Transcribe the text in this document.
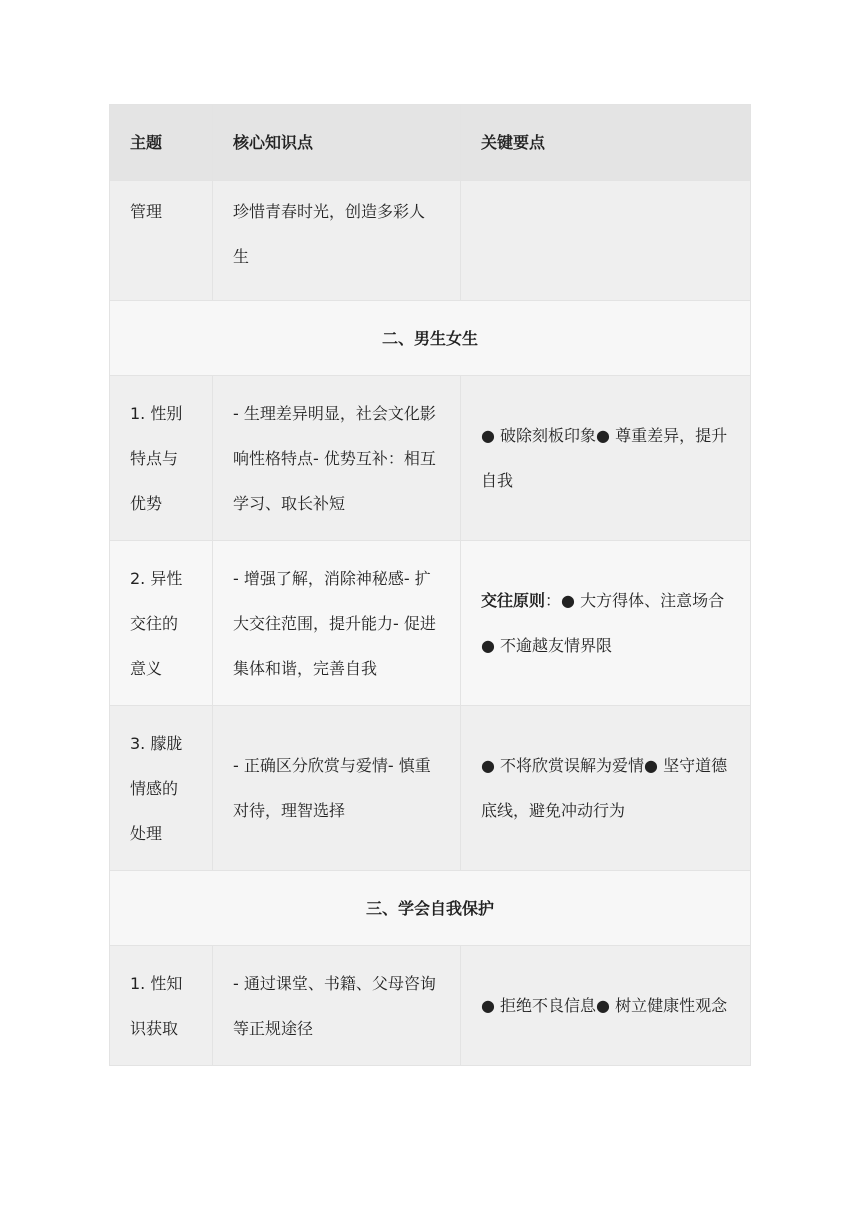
主题	核心知识点	关键要点

管理	珍惜青春时光，创造多彩人生	

二、男生女生		

1. 性别特点与优势	- 生理差异明显，社会文化影响性格特点- 优势互补：相互学习、取长补短	● 破除刻板印象● 尊重差异，提升自我

2. 异性交往的意义	- 增强了解，消除神秘感- 扩大交往范围，提升能力- 促进集体和谐，完善自我	交往原则：● 大方得体、注意场合● 不逾越友情界限

3. 朦胧情感的处理	- 正确区分欣赏与爱情- 慎重对待，理智选择	● 不将欣赏误解为爱情● 坚守道德底线，避免冲动行为

三、学会自我保护		

1. 性知识获取	- 通过课堂、书籍、父母咨询等正规途径	● 拒绝不良信息● 树立健康性观念
